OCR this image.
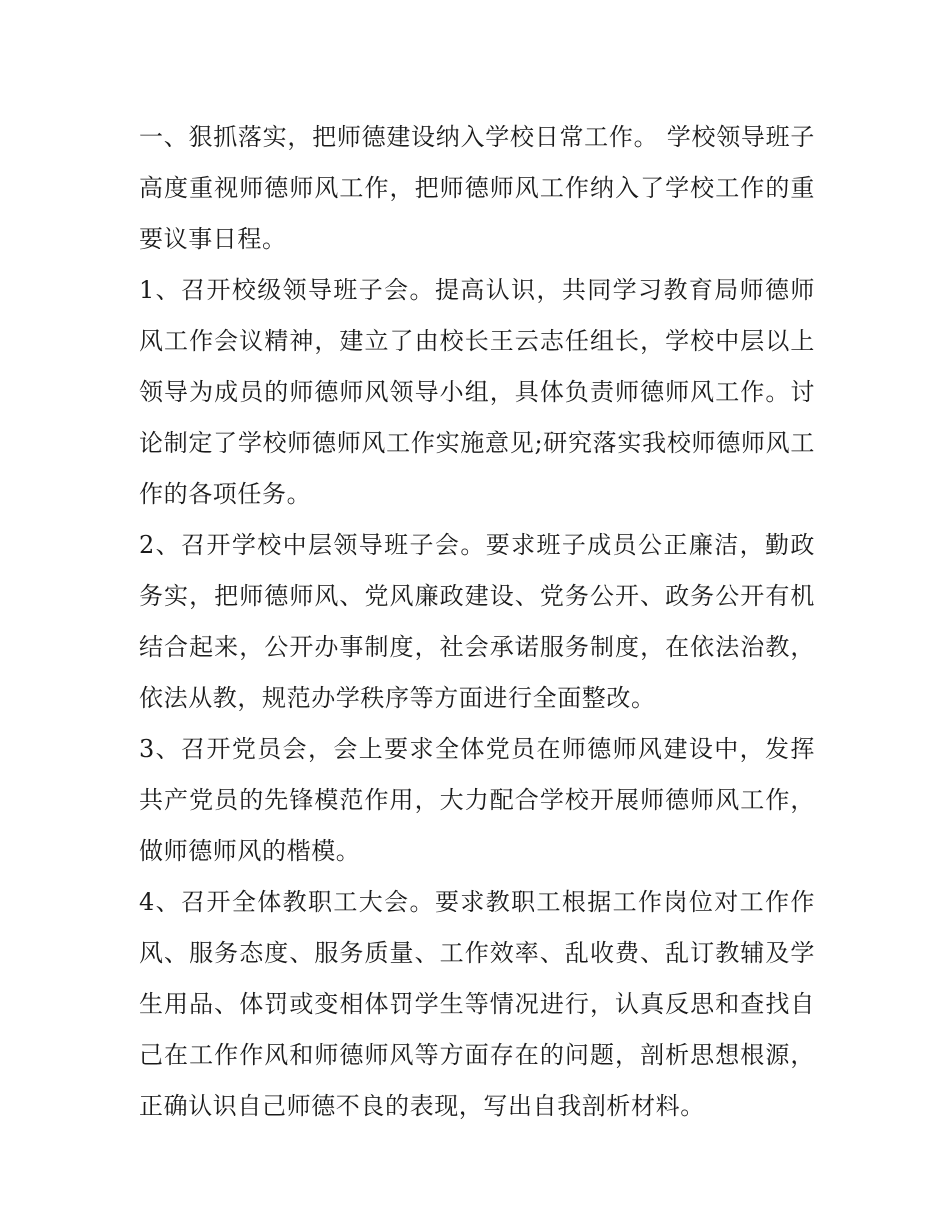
一、狠抓落实，把师德建设纳入学校日常工作。 学校领导班子高度重视师德师风工作，把师德师风工作纳入了学校工作的重要议事日程。

1、召开校级领导班子会。提高认识，共同学习教育局师德师风工作会议精神，建立了由校长王云志任组长，学校中层以上领导为成员的师德师风领导小组，具体负责师德师风工作。讨论制定了学校师德师风工作实施意见;研究落实我校师德师风工作的各项任务。

2、召开学校中层领导班子会。要求班子成员公正廉洁，勤政务实，把师德师风、党风廉政建设、党务公开、政务公开有机结合起来，公开办事制度，社会承诺服务制度，在依法治教，依法从教，规范办学秩序等方面进行全面整改。

3、召开党员会，会上要求全体党员在师德师风建设中，发挥共产党员的先锋模范作用，大力配合学校开展师德师风工作，做师德师风的楷模。

4、召开全体教职工大会。要求教职工根据工作岗位对工作作风、服务态度、服务质量、工作效率、乱收费、乱订教辅及学生用品、体罚或变相体罚学生等情况进行，认真反思和查找自己在工作作风和师德师风等方面存在的问题，剖析思想根源，正确认识自己师德不良的表现，写出自我剖析材料。
